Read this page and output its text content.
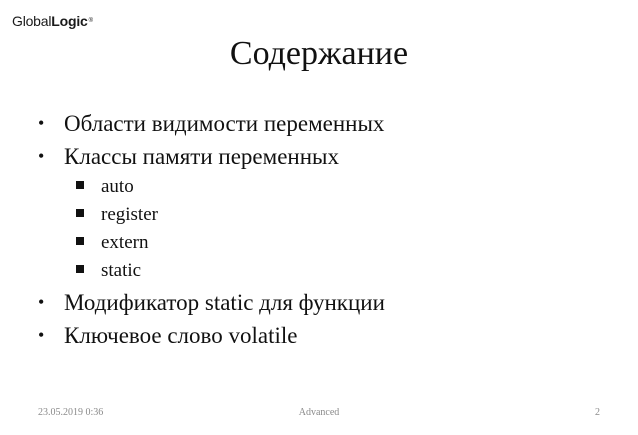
GlobalLogic®
Содержание
• Области видимости переменных
• Классы памяти переменных
auto
register
extern
static
• Модификатор static для функции
• Ключевое слово volatile
23.05.2019 0:36	Advanced	2
